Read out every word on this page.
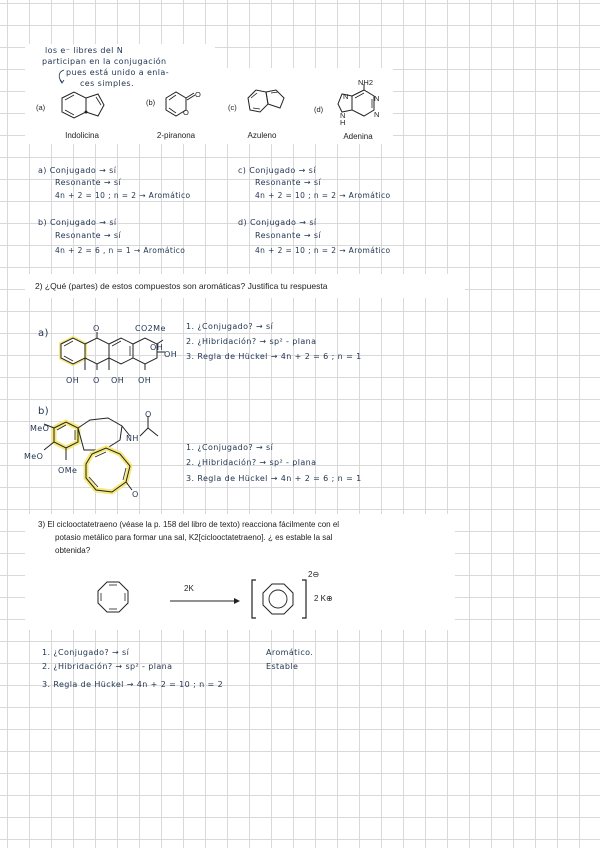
los e⁻ libres del N
participan en la conjugación
pues está unido a enla-
ces simples.
(a)
Indolicina
(b)
O
O
2-piranona
(c)
Azuleno
(d)
NH2
N	N
N
N
H
Adenina
a) Conjugado → sí
Resonante → sí
4n + 2 = 10 ; n = 2 → Aromático
c) Conjugado → sí
Resonante → sí
4n + 2 = 10 ; n = 2 → Aromático
b) Conjugado → sí
Resonante → sí
4n + 2 = 6 , n = 1 → Aromático
d) Conjugado → sí
Resonante → sí
4n + 2 = 10 ; n = 2 → Aromático
2) ¿Qué (partes) de estos compuestos son aromáticas? Justifica tu respuesta
a)	O
O
CO2Me
OH
OH	OH OH
OH
1. ¿Conjugado? → sí
2. ¿Hibridación? → sp² - plana
3. Regla de Hückel → 4n + 2 = 6 ; n = 1
b)
MeO
MeO
OMe
NH
O
O
1. ¿Conjugado? → sí
2. ¿Hibridación? → sp² - plana
3. Regla de Hückel → 4n + 2 = 6 ; n = 1
3) El ciclooctatetraeno (véase la p. 158 del libro de texto) reacciona fácilmente con el
potasio metálico para formar una sal, K2[ciclooctatetraeno]. ¿ es estable la sal
obtenida?
2K
2⊖
2 K⊕
1. ¿Conjugado? → sí
2. ¿Hibridación? → sp² - plana
3. Regla de Hückel → 4n + 2 = 10 ; n = 2
Aromático.
Estable
